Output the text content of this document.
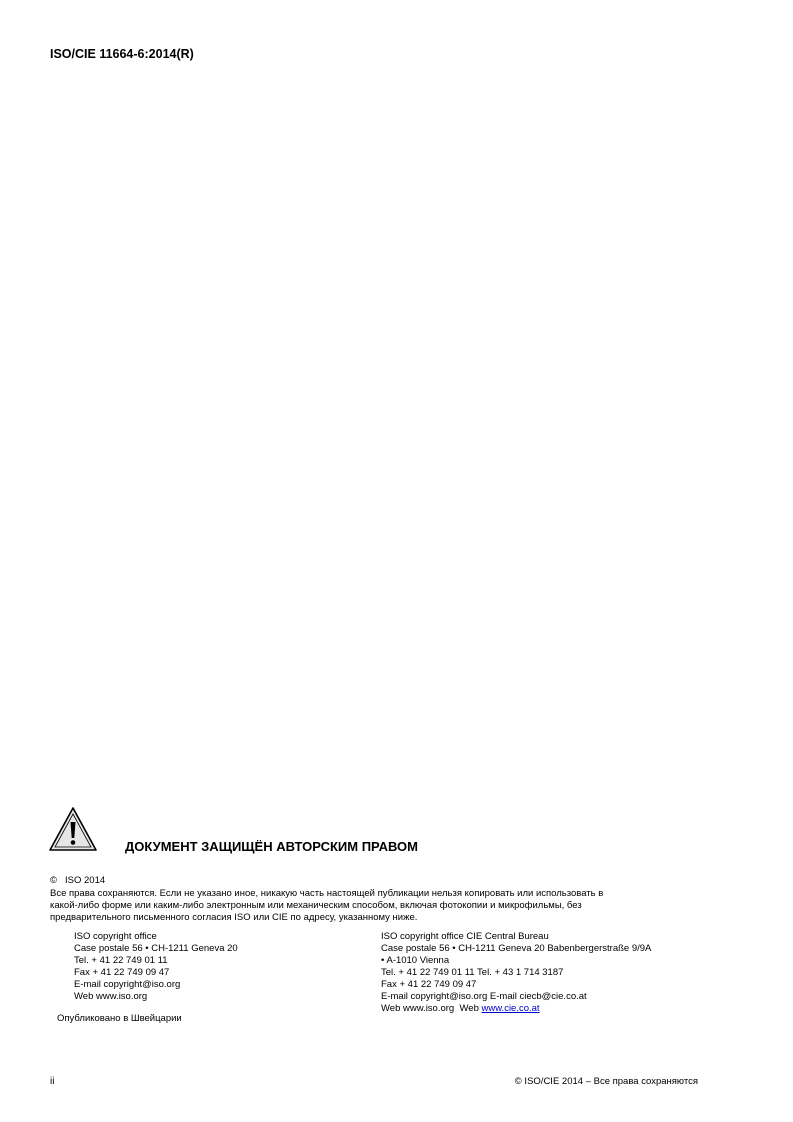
ISO/CIE 11664-6:2014(R)
ДОКУМЕНТ ЗАЩИЩЁН АВТОРСКИМ ПРАВОМ
© ISO 2014
Все права сохраняются. Если не указано иное, никакую часть настоящей публикации нельзя копировать или использовать в
какой-либо форме или каким-либо электронным или механическим способом, включая фотокопии и микрофильмы, без
предварительного письменного согласия ISO или CIE по адресу, указанному ниже.
ISO copyright office
Case postale 56 • CH-1211 Geneva 20
Tel. + 41 22 749 01 11
Fax + 41 22 749 09 47
E-mail copyright@iso.org
Web www.iso.org
Опубликовано в Швейцарии
ISO copyright office CIE Central Bureau
Case postale 56 • CH-1211 Geneva 20 Babenbergerstraße 9/9A
• A-1010 Vienna
Tel. + 41 22 749 01 11 Tel. + 43 1 714 3187
Fax + 41 22 749 09 47
E-mail copyright@iso.org E-mail ciecb@cie.co.at
Web www.iso.org  Web www.cie.co.at
ii	© ISO/CIE 2014 – Все права сохраняются
